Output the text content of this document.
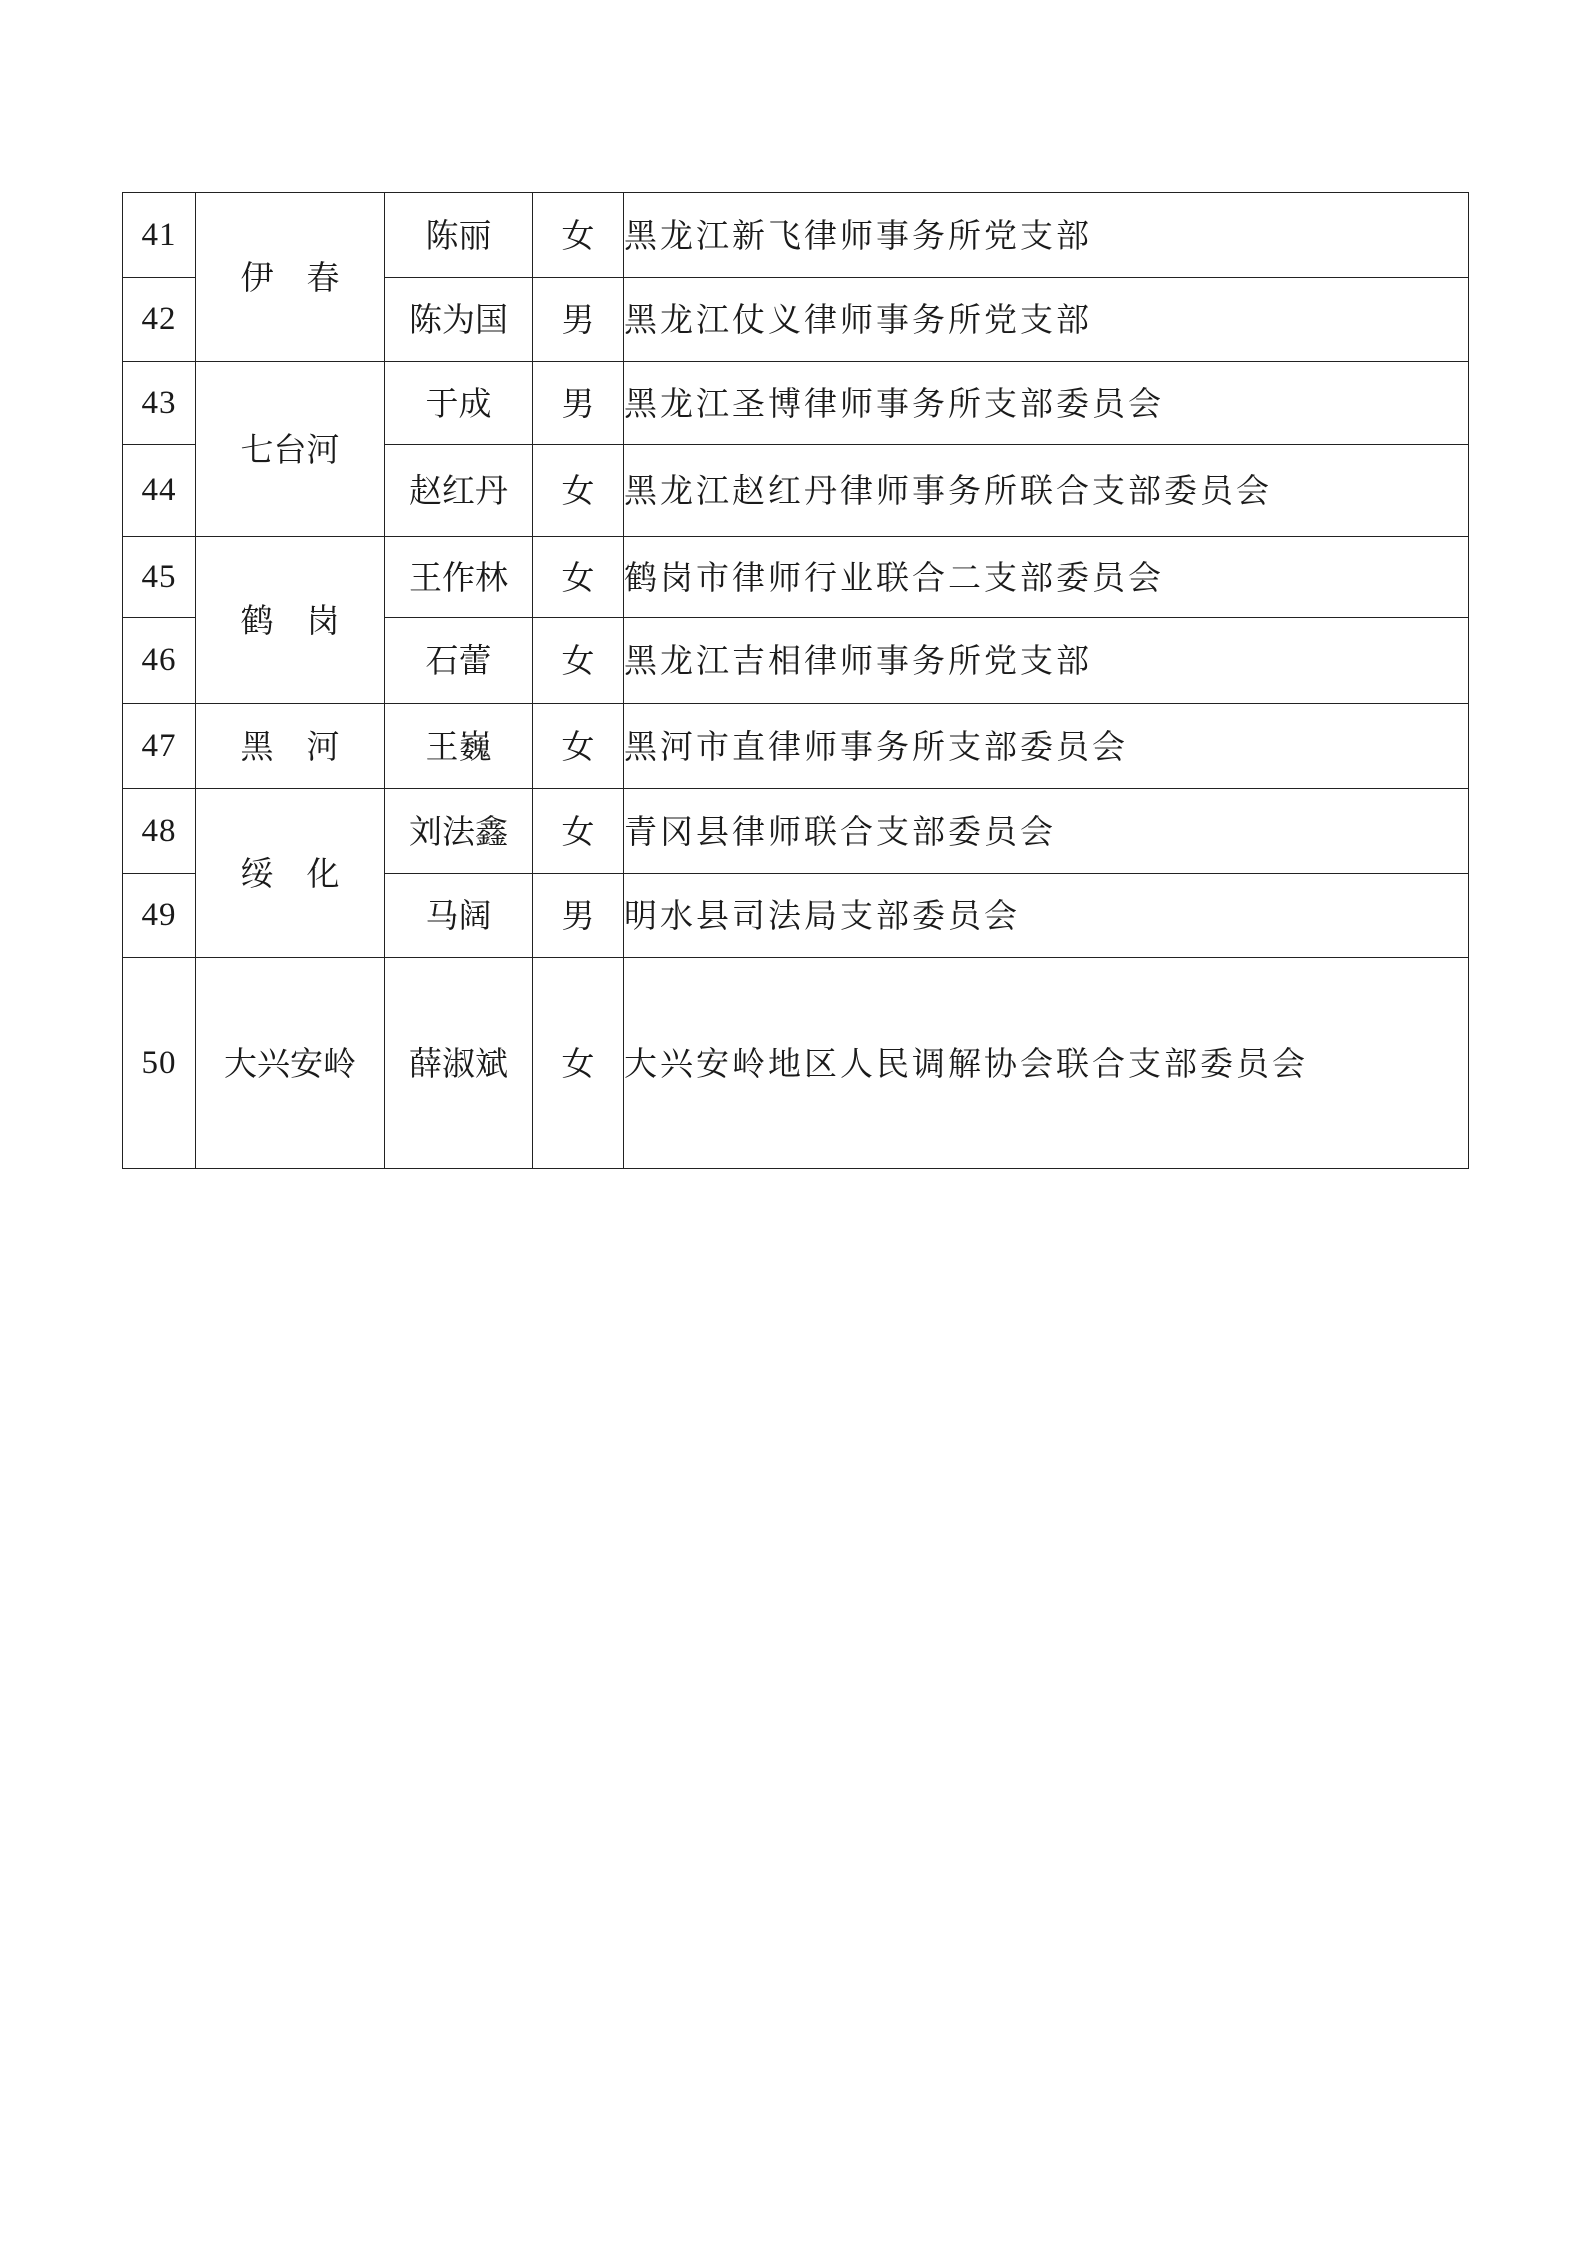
41	伊　春	陈丽	女	黑龙江新飞律师事务所党支部
42		陈为国	男	黑龙江仗义律师事务所党支部
43	七台河	于成	男	黑龙江圣博律师事务所支部委员会
44		赵红丹	女	黑龙江赵红丹律师事务所联合支部委员会
45	鹤　岗	王作林	女	鹤岗市律师行业联合二支部委员会
46		石蕾	女	黑龙江吉相律师事务所党支部
47	黑　河	王巍	女	黑河市直律师事务所支部委员会
48	绥　化	刘法鑫	女	青冈县律师联合支部委员会
49		马阔	男	明水县司法局支部委员会
50	大兴安岭	薛淑斌	女	大兴安岭地区人民调解协会联合支部委员会
